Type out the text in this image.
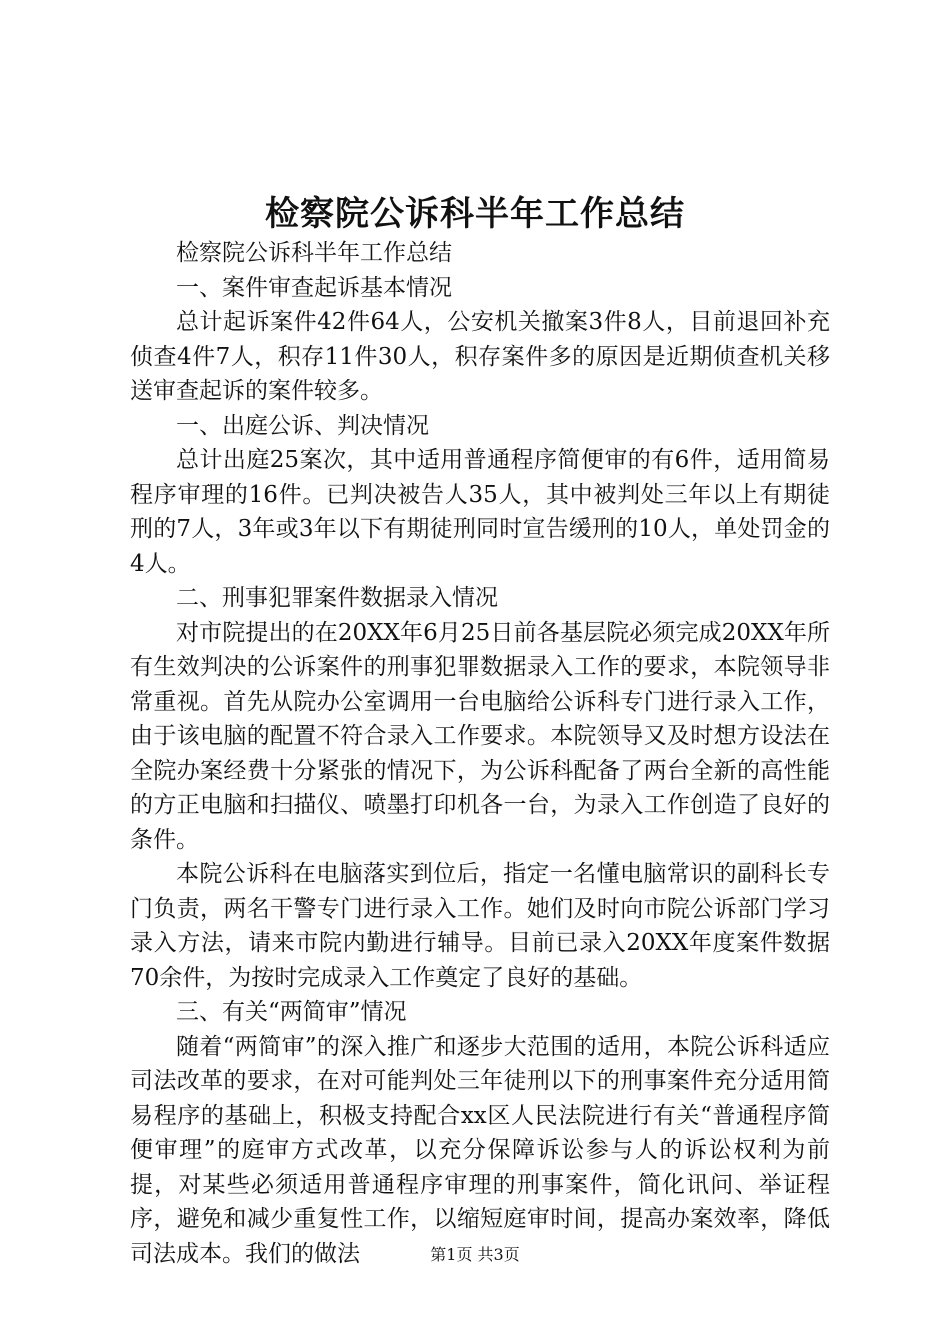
检察院公诉科半年工作总结

检察院公诉科半年工作总结

一、案件审查起诉基本情况

总计起诉案件42件64人，公安机关撤案3件8人，目前退回补充侦查4件7人，积存11件30人，积存案件多的原因是近期侦查机关移送审查起诉的案件较多。

一、出庭公诉、判决情况

总计出庭25案次，其中适用普通程序简便审的有6件，适用简易程序审理的16件。已判决被告人35人，其中被判处三年以上有期徒刑的7人，3年或3年以下有期徒刑同时宣告缓刑的10人，单处罚金的4人。

二、刑事犯罪案件数据录入情况

对市院提出的在20XX年6月25日前各基层院必须完成20XX年所有生效判决的公诉案件的刑事犯罪数据录入工作的要求，本院领导非常重视。首先从院办公室调用一台电脑给公诉科专门进行录入工作，由于该电脑的配置不符合录入工作要求。本院领导又及时想方设法在全院办案经费十分紧张的情况下，为公诉科配备了两台全新的高性能的方正电脑和扫描仪、喷墨打印机各一台，为录入工作创造了良好的条件。

本院公诉科在电脑落实到位后，指定一名懂电脑常识的副科长专门负责，两名干警专门进行录入工作。她们及时向市院公诉部门学习录入方法，请来市院内勤进行辅导。目前已录入20XX年度案件数据70余件，为按时完成录入工作奠定了良好的基础。

三、有关“两简审”情况

随着“两简审”的深入推广和逐步大范围的适用，本院公诉科适应司法改革的要求，在对可能判处三年徒刑以下的刑事案件充分适用简易程序的基础上，积极支持配合xx区人民法院进行有关“普通程序简便审理”的庭审方式改革，以充分保障诉讼参与人的诉讼权利为前提，对某些必须适用普通程序审理的刑事案件，简化讯问、举证程序，避免和减少重复性工作，以缩短庭审时间，提高办案效率，降低司法成本。我们的做法	第1页 共3页
